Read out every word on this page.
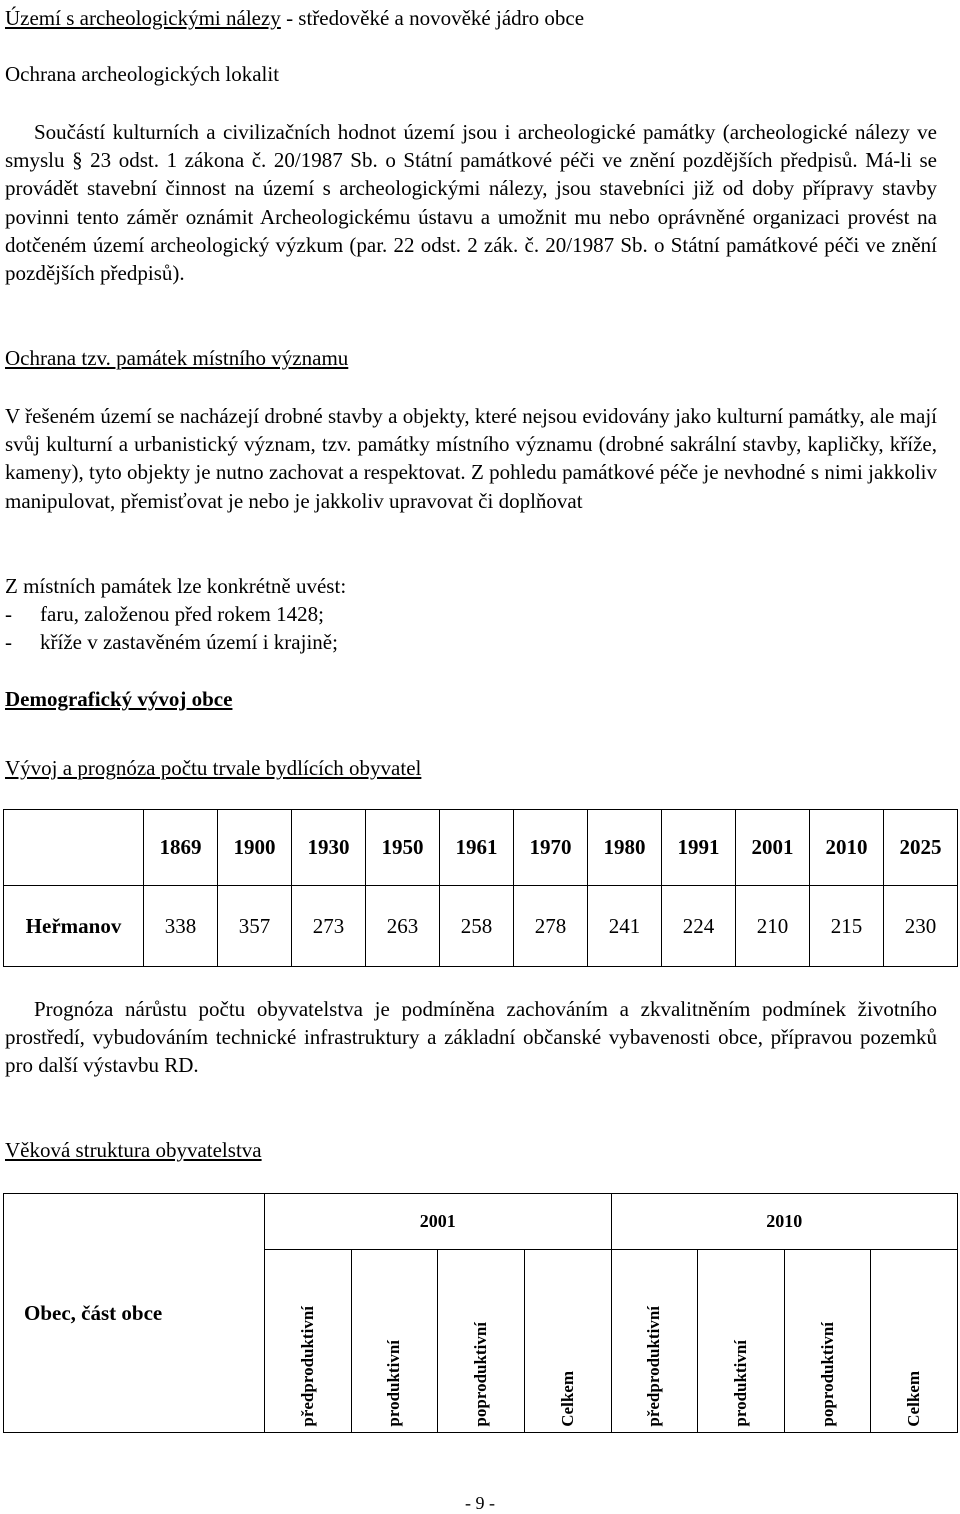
Území s archeologickými nálezy - středověké a novověké jádro obce
Ochrana archeologických lokalit
Součástí kulturních a civilizačních hodnot území jsou i archeologické památky (archeologické nálezy ve smyslu § 23 odst. 1 zákona č. 20/1987 Sb. o Státní památkové péči ve znění pozdějších předpisů. Má-li se provádět stavební činnost na území s archeologickými nálezy, jsou stavebníci již od doby přípravy stavby povinni tento záměr oznámit Archeologickému ústavu a umožnit mu nebo oprávněné organizaci provést na dotčeném území archeologický výzkum (par. 22 odst. 2 zák. č. 20/1987 Sb. o Státní památkové péči ve znění pozdějších předpisů).
Ochrana tzv. památek místního významu
V řešeném území se nacházejí drobné stavby a objekty, které nejsou evidovány jako kulturní památky, ale mají svůj kulturní a urbanistický význam, tzv. památky místního významu (drobné sakrální stavby, kapličky, kříže, kameny), tyto objekty je nutno zachovat a respektovat. Z pohledu památkové péče je nevhodné s nimi jakkoliv manipulovat, přemisťovat je nebo je jakkoliv upravovat či doplňovat
Z místních památek lze konkrétně uvést:
- faru, založenou před rokem 1428;
- kříže v zastavěném území i krajině;
Demografický vývoj obce
Vývoj a prognóza počtu trvale bydlících obyvatel
	1869	1900	1930	1950	1961	1970	1980	1991	2001	2010	2025
Heřmanov	338	357	273	263	258	278	241	224	210	215	230
Prognóza nárůstu počtu obyvatelstva je podmíněna zachováním a zkvalitněním podmínek životního prostředí, vybudováním technické infrastruktury a základní občanské vybavenosti obce, přípravou pozemků pro další výstavbu RD.
Věková struktura obyvatelstva
Obec, část obce	2001				2010			
	předproduktivní	produktivní	poproduktivní	Celkem	předproduktivní	produktivní	poproduktivní	Celkem
- 9 -
